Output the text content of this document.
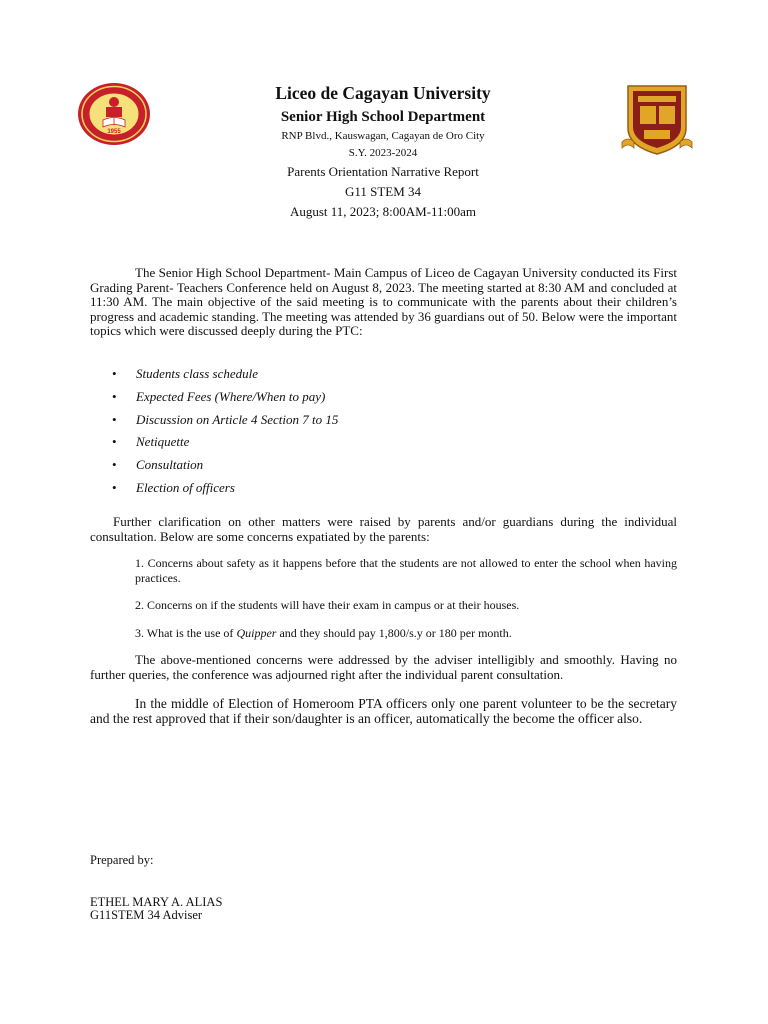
1955
Liceo de Cagayan University
Senior High School Department
RNP Blvd., Kauswagan, Cagayan de Oro City
S.Y. 2023-2024
Parents Orientation Narrative Report
G11 STEM 34
August 11, 2023; 8:00AM-11:00am

The Senior High School Department- Main Campus of Liceo de Cagayan University conducted its First Grading Parent- Teachers Conference held on August 8, 2023. The meeting started at 8:30 AM and concluded at 11:30 AM. The main objective of the said meeting is to communicate with the parents about their children’s progress and academic standing. The meeting was attended by 36 guardians out of 50. Below were the important topics which were discussed deeply during the PTC:

• Students class schedule
• Expected Fees (Where/When to pay)
• Discussion on Article 4 Section 7 to 15
• Netiquette
• Consultation
• Election of officers

Further clarification on other matters were raised by parents and/or guardians during the individual consultation. Below are some concerns expatiated by the parents:

1. Concerns about safety as it happens before that the students are not allowed to enter the school when having practices.

2. Concerns on if the students will have their exam in campus or at their houses.

3. What is the use of Quipper and they should pay 1,800/s.y or 180 per month.

The above-mentioned concerns were addressed by the adviser intelligibly and smoothly. Having no further queries, the conference was adjourned right after the individual parent consultation.

In the middle of Election of Homeroom PTA officers only one parent volunteer to be the secretary and the rest approved that if their son/daughter is an officer, automatically the become the officer also.

Prepared by:
ETHEL MARY A. ALIAS
G11STEM 34 Adviser
